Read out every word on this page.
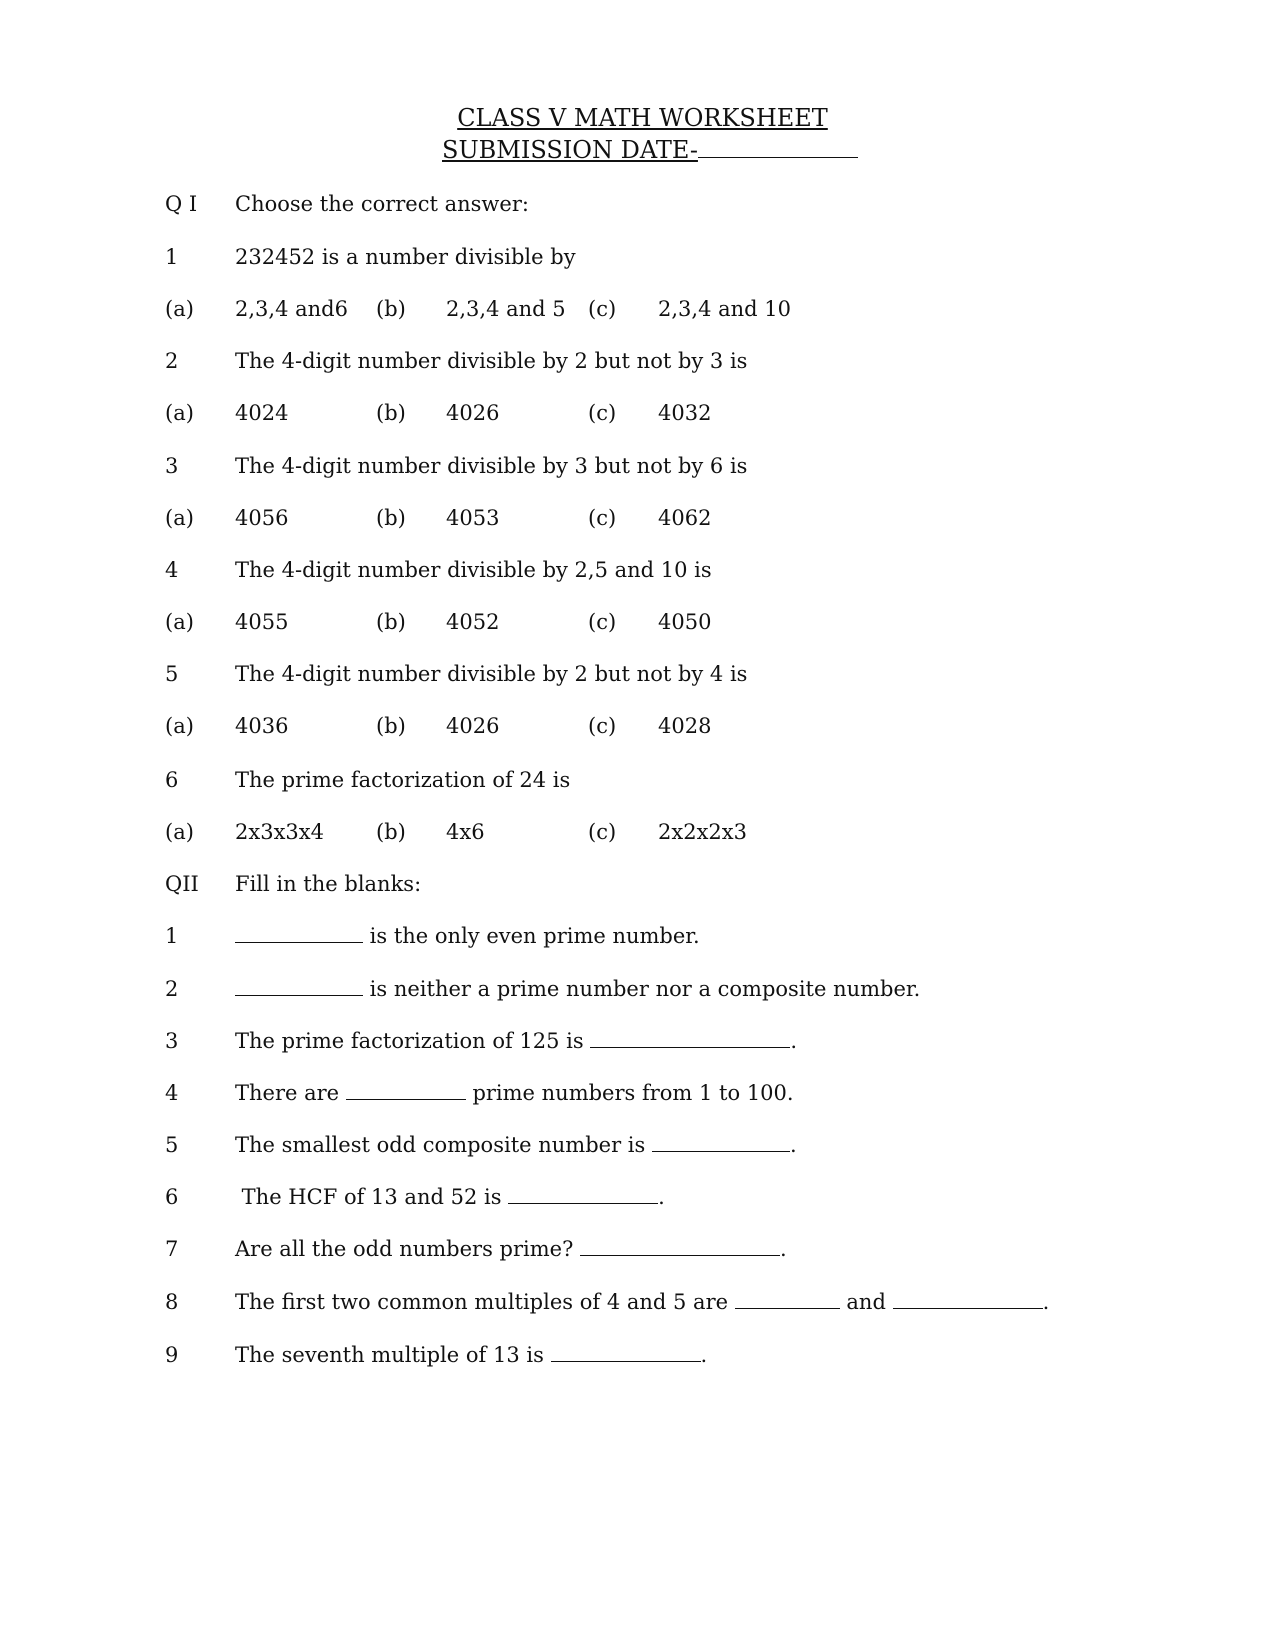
CLASS V MATH WORKSHEET
SUBMISSION DATE-
Q I Choose the correct answer:
1	232452 is a number divisible by
(a) 2,3,4 and6 (b) 2,3,4 and 5 (c) 2,3,4 and 10
2	The 4-digit number divisible by 2 but not by 3 is
(a) 4024	(b) 4026	(c) 4032
3	The 4-digit number divisible by 3 but not by 6 is
(a) 4056	(b) 4053	(c) 4062
4	The 4-digit number divisible by 2,5 and 10 is
(a) 4055	(b) 4052	(c) 4050
5	The 4-digit number divisible by 2 but not by 4 is
(a) 4036	(b) 4026	(c) 4028
6	The prime factorization of 24 is
(a) 2x3x3x4 (b) 4x6	(c) 2x2x2x3
QII Fill in the blanks:
1	is the only even prime number.
2	is neither a prime number nor a composite number.
3	The prime factorization of 125 is	.
4	There are	prime numbers from 1 to 100.
5	The smallest odd composite number is	.
6	The HCF of 13 and 52 is	.
7	Are all the odd numbers prime?	.
8	The first two common multiples of 4 and 5 are	and	.
9	The seventh multiple of 13 is	.
